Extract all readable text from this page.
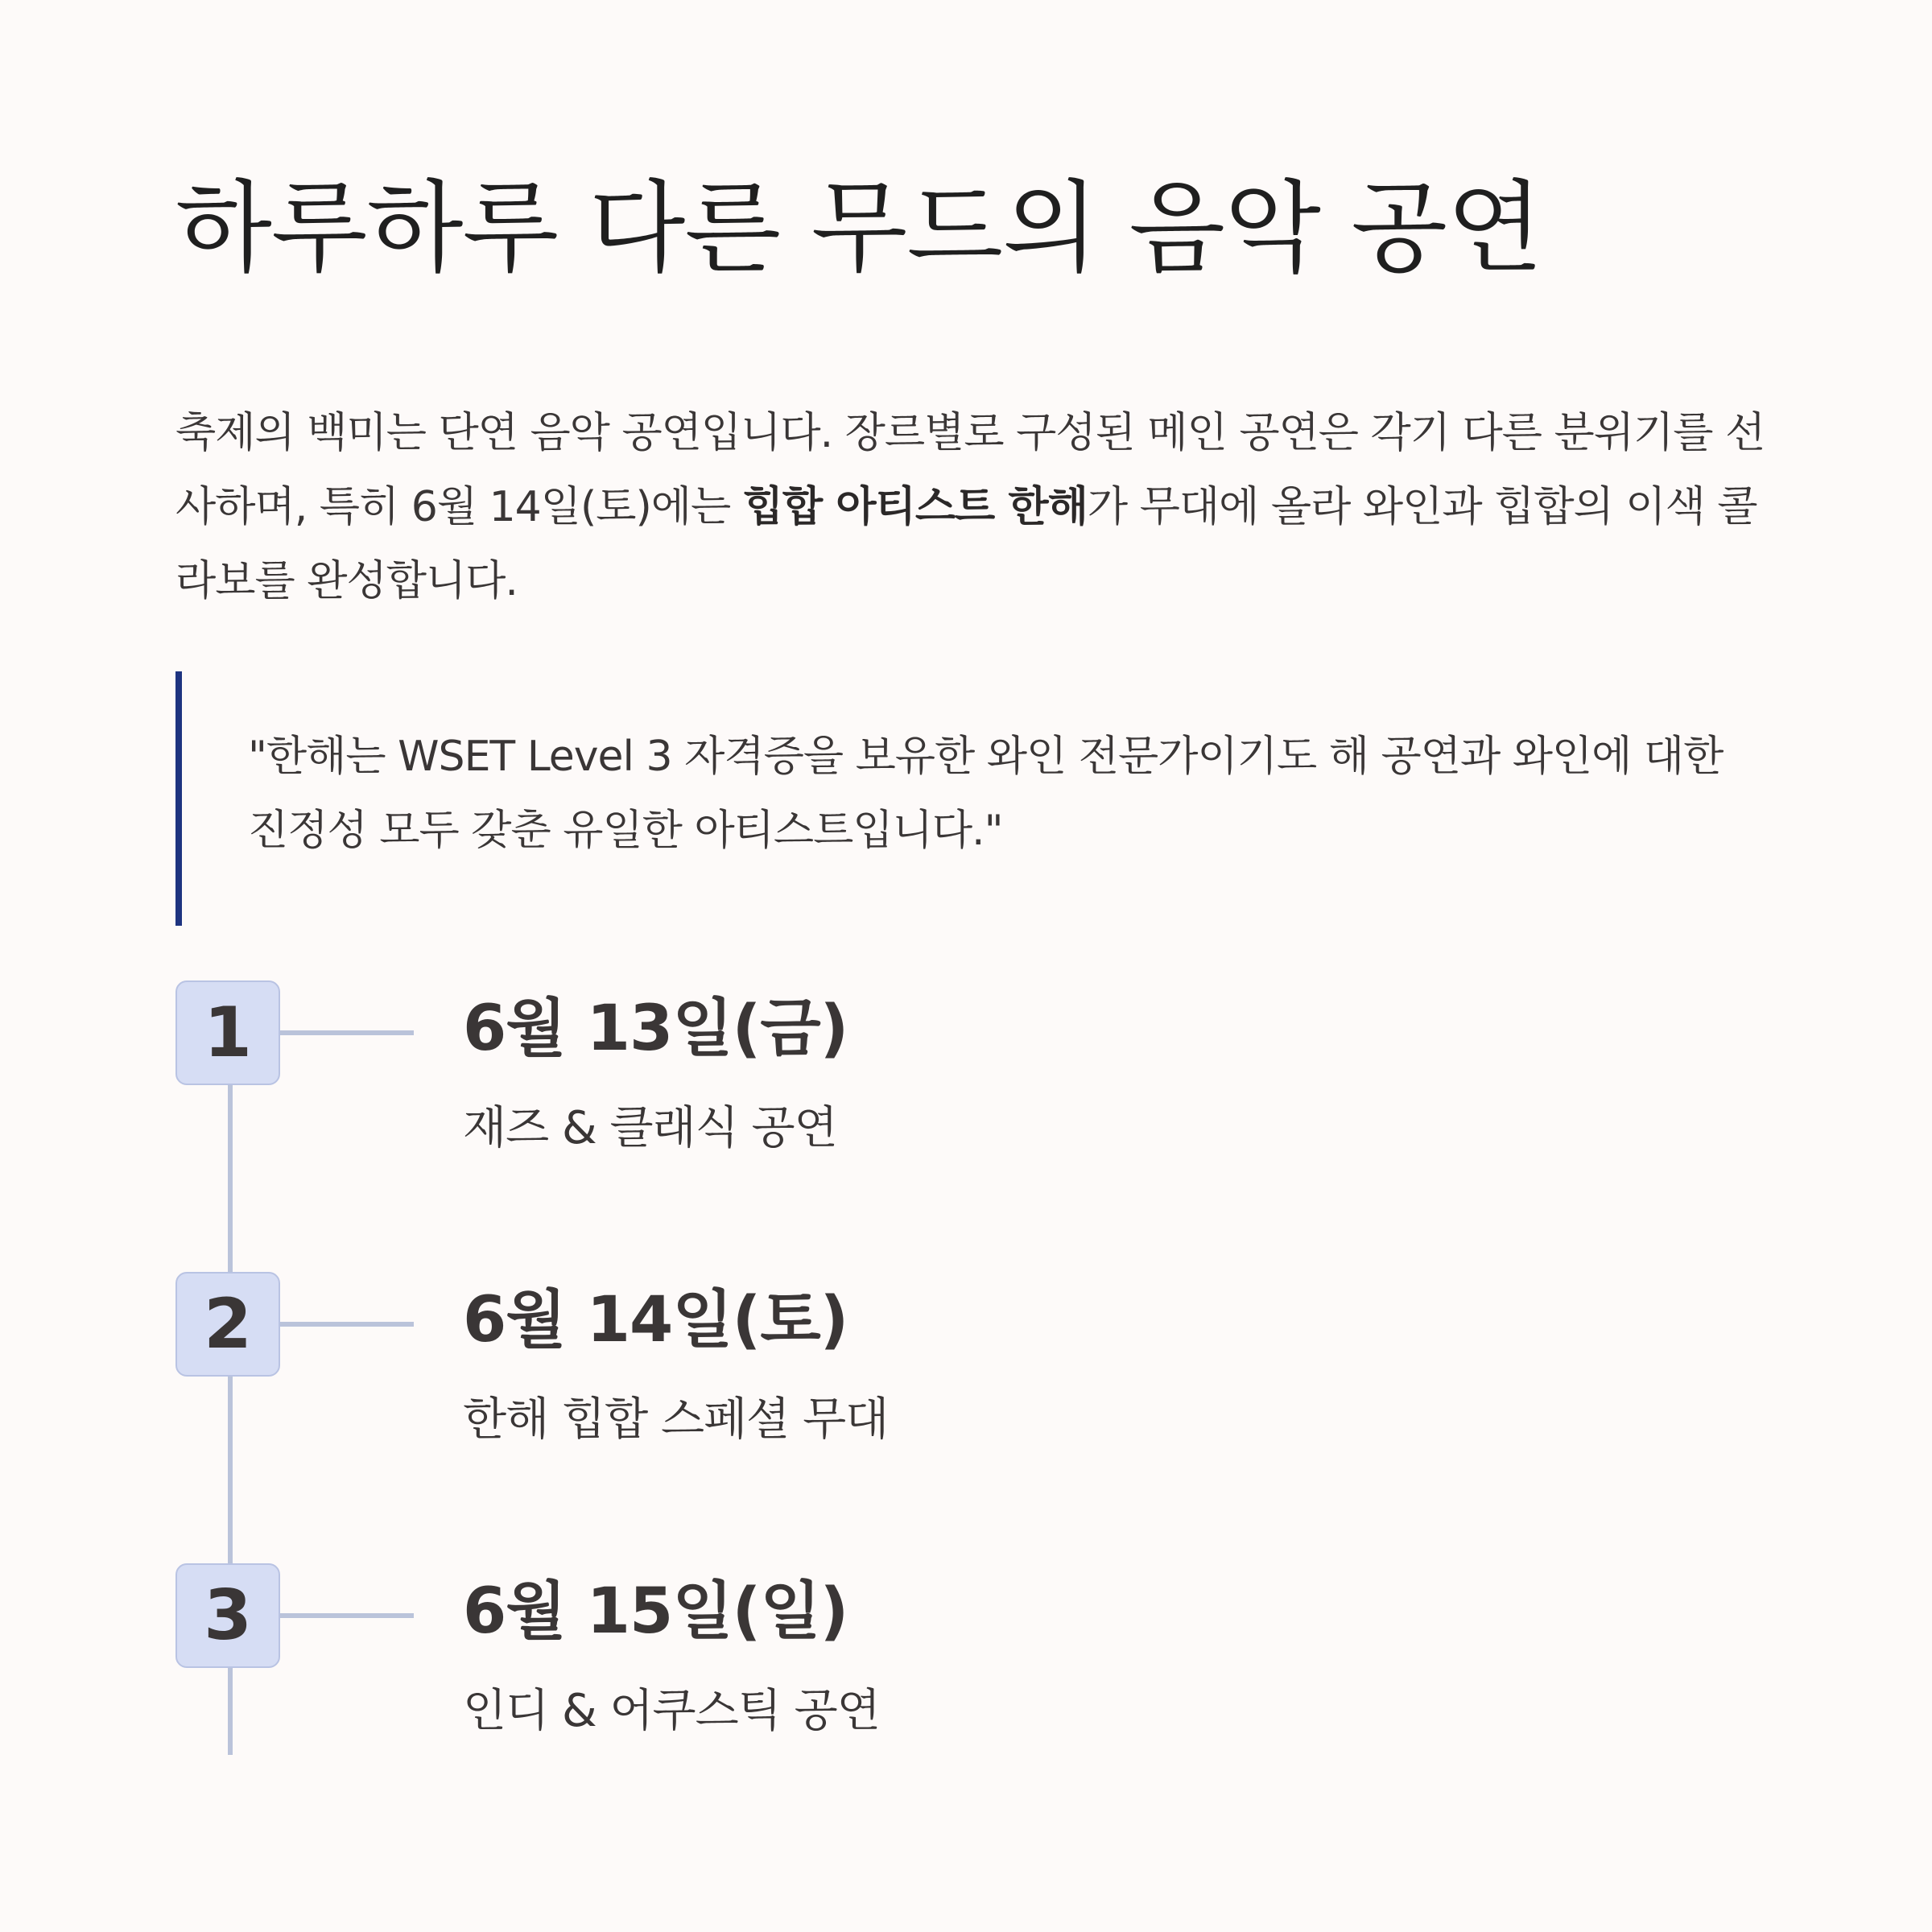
하루하루 다른 무드의 음악 공연

축제의 백미는 단연 음악 공연입니다. 장르별로 구성된 메인 공연은 각기 다른 분위기를 선사하며, 특히 6월 14일(토)에는 힙합 아티스트 한해가 무대에 올라 와인과 힙합의 이색 콜라보를 완성합니다.

"한해는 WSET Level 3 자격증을 보유한 와인 전문가이기도 해 공연과 와인에 대한 진정성 모두 갖춘 유일한 아티스트입니다."

1	6월 13일(금)
재즈 & 클래식 공연
2	6월 14일(토)
한해 힙합 스페셜 무대
3	6월 15일(일)
인디 & 어쿠스틱 공연
